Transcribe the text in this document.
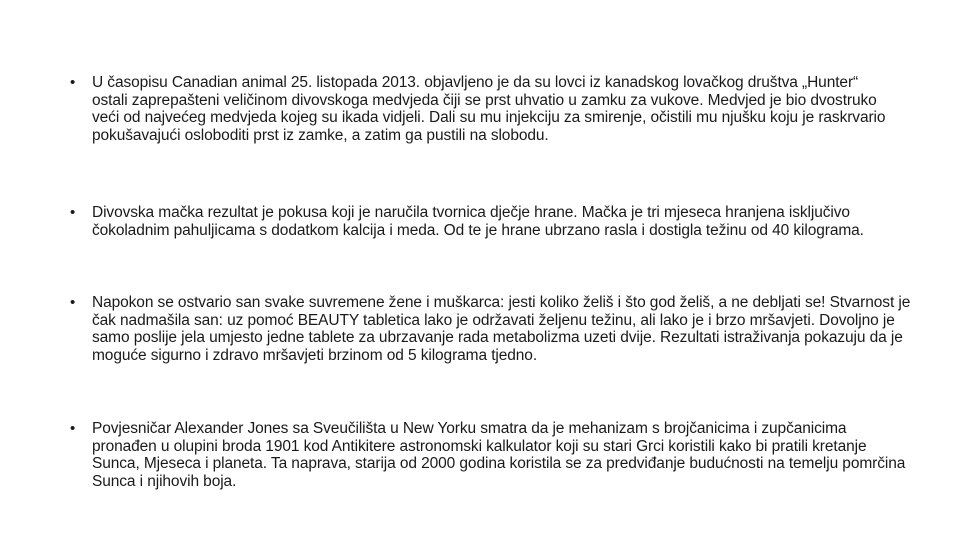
• U časopisu Canadian animal 25. listopada 2013. objavljeno je da su lovci iz kanadskog lovačkog društva „Hunter“ ostali zaprepašteni veličinom divovskoga medvjeda čiji se prst uhvatio u zamku za vukove. Medvjed je bio dvostruko veći od najvećeg medvjeda kojeg su ikada vidjeli. Dali su mu injekciju za smirenje, očistili mu njušku koju je raskrvario pokušavajući osloboditi prst iz zamke, a zatim ga pustili na slobodu.
• Divovska mačka rezultat je pokusa koji je naručila tvornica dječje hrane. Mačka je tri mjeseca hranjena isključivo čokoladnim pahuljicama s dodatkom kalcija i meda. Od te je hrane ubrzano rasla i dostigla težinu od 40 kilograma.
• Napokon se ostvario san svake suvremene žene i muškarca: jesti koliko želiš i što god želiš, a ne debljati se! Stvarnost je čak nadmašila san: uz pomoć BEAUTY tabletica lako je održavati željenu težinu, ali lako je i brzo mršavjeti. Dovoljno je samo poslije jela umjesto jedne tablete za ubrzavanje rada metabolizma uzeti dvije. Rezultati istraživanja pokazuju da je moguće sigurno i zdravo mršavjeti brzinom od 5 kilograma tjedno.
• Povjesničar Alexander Jones sa Sveučilišta u New Yorku smatra da je mehanizam s brojčanicima i zupčanicima pronađen u olupini broda 1901 kod Antikitere astronomski kalkulator koji su stari Grci koristili kako bi pratili kretanje Sunca, Mjeseca i planeta. Ta naprava, starija od 2000 godina koristila se za predviđanje budućnosti na temelju pomrčina Sunca i njihovih boja.
